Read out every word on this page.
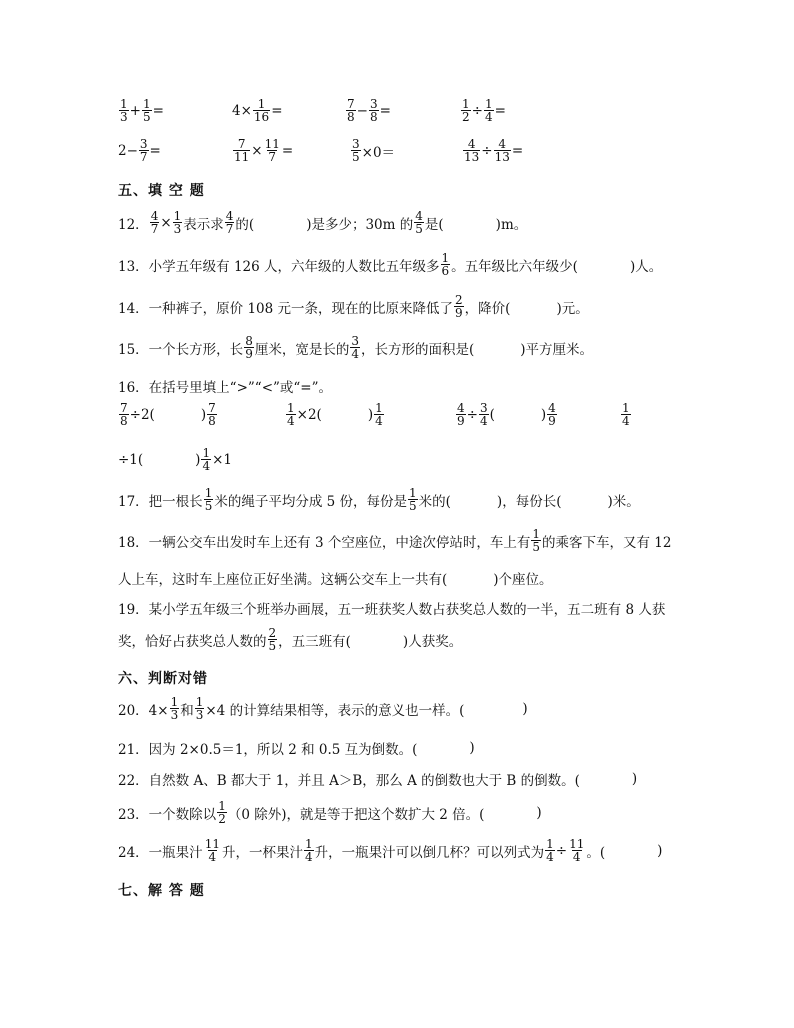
$\frac{1}{3} + \frac{1}{5}$ =	$4\times \frac{1}{16}$ =	$\frac{7}{8} - \frac{3}{8}$ =	$\frac{1}{2} \div \frac{1}{4}$ =
$2- \frac{3}{7}$ =	$\frac{7}{11} \times \frac{11}{7}$ =	$\frac{3}{5} \times 0=$	$\frac{4}{13} \div \frac{4}{13}$ =
五、填 空 题
12． $\frac{4}{7} \times \frac{1}{3}$ 表示求 $\frac{4}{7}$ 的(	)是多少；30m 的 $\frac{4}{5}$ 是(	)m。
13．小学五年级有 126 人，六年级的人数比五年级多 $\frac{1}{6}$ 。五年级比六年级少(	)人。
14．一种裤子，原价 108 元一条，现在的比原来降低了 $\frac{2}{9}$ ，降价(	)元。
15．一个长方形，长 $\frac{8}{9}$ 厘米，宽是长的 $\frac{3}{4}$ ，长方形的面积是(	)平方厘米。
16．在括号里填上“>”“<”或“=”。
$\frac{7}{8} \div 2$(	) $\frac{7}{8}$	$\frac{1}{4} \times 2$(	) $\frac{1}{4}$	$\frac{4}{9} \div \frac{3}{4}$ (	) $\frac{4}{9}$	$\frac{1}{4}$
÷1(	) $\frac{1}{4} \times 1$
17．把一根长 $\frac{1}{5}$ 米的绳子平均分成 5 份，每份是 $\frac{1}{5}$ 米的(	)，每份长(	)米。
18．一辆公交车出发时车上还有 3 个空座位，中途次停站时，车上有 $\frac{1}{5}$ 的乘客下车，又有 12
人上车，这时车上座位正好坐满。这辆公交车上一共有(	)个座位。
19．某小学五年级三个班举办画展，五一班获奖人数占获奖总人数的一半，五二班有 8 人获
奖，恰好占获奖总人数的 $\frac{2}{5}$ ，五三班有(	)人获奖。
六、判断对错
20．$4\times \frac{1}{3}$ 和 $\frac{1}{3} \times 4$ 的计算结果相等，表示的意义也一样。(	)
21．因为 2×0.5＝1，所以 2 和 0.5 互为倒数。(	)
22．自然数 A、B 都大于 1，并且 A＞B，那么 A 的倒数也大于 B 的倒数。(	)
23．一个数除以 $\frac{1}{2} (0$ 除外)，就是等于把这个数扩大 2 倍。(	)
24．一瓶果汁 $\frac{11}{4}$ 升，一杯果汁 $\frac{1}{4}$ 升，一瓶果汁可以倒几杯？可以列式为 $\frac{1}{4} \div \frac{11}{4}$ 。(	)
七、解 答 题
